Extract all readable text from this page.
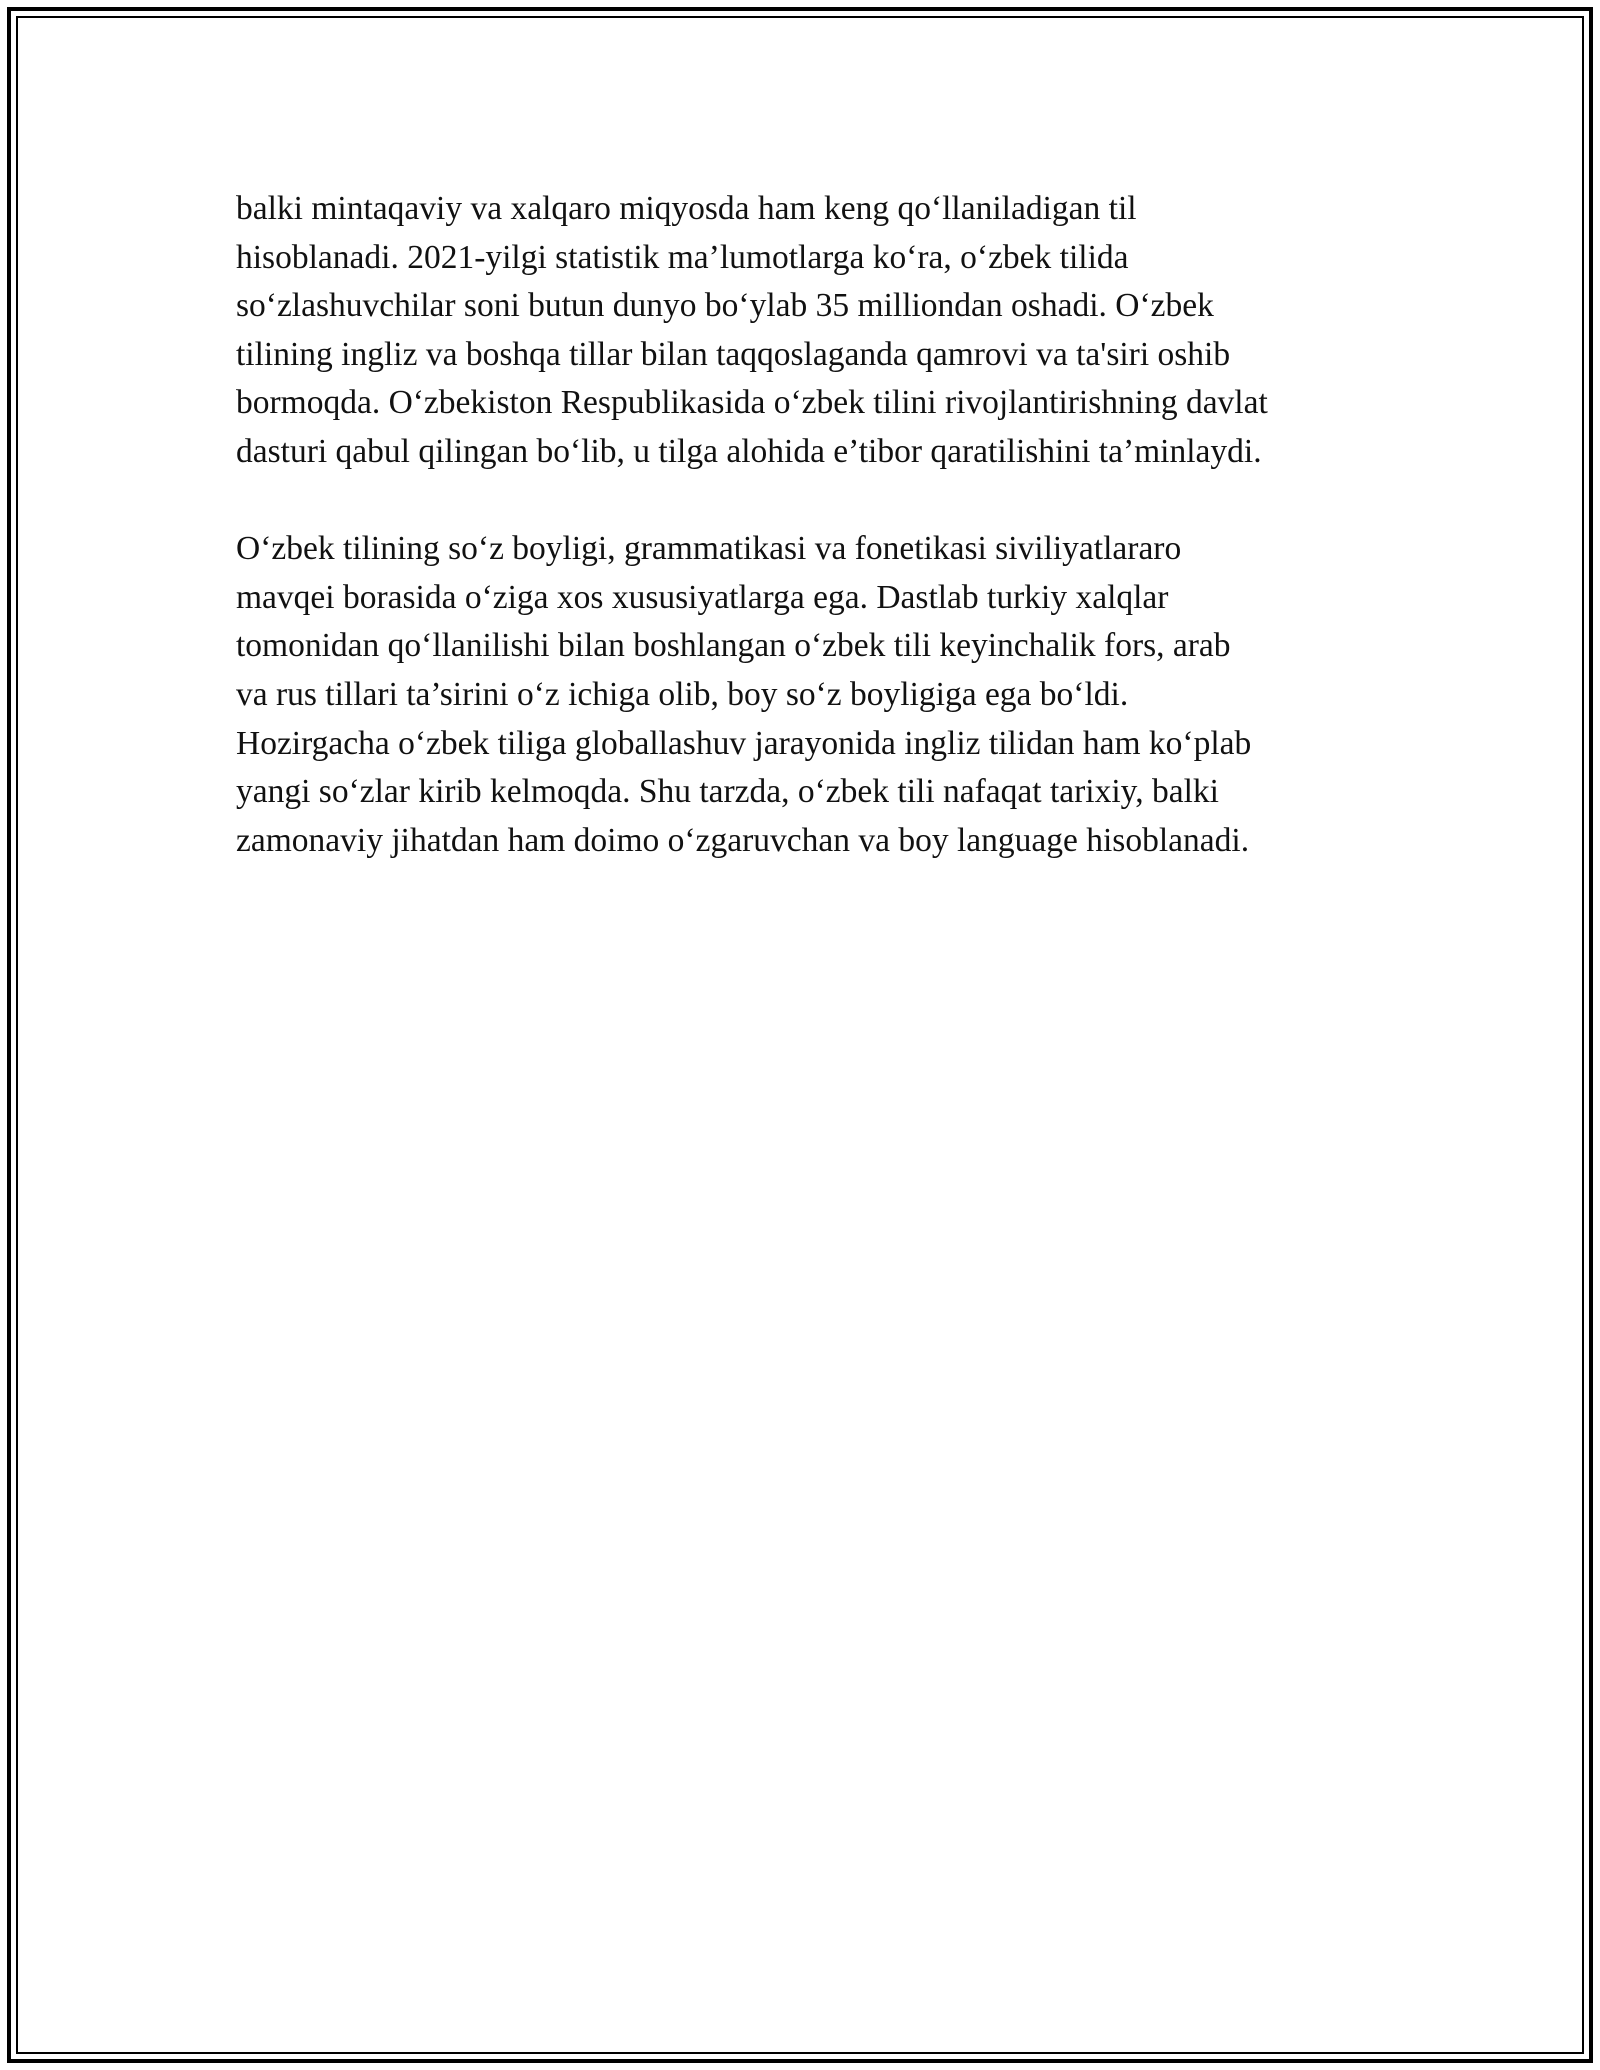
balki mintaqaviy va xalqaro miqyosda ham keng qo‘llaniladigan til
hisoblanadi. 2021-yilgi statistik ma’lumotlarga ko‘ra, o‘zbek tilida
so‘zlashuvchilar soni butun dunyo bo‘ylab 35 milliondan oshadi. O‘zbek
tilining ingliz va boshqa tillar bilan taqqoslaganda qamrovi va ta'siri oshib
bormoqda. O‘zbekiston Respublikasida o‘zbek tilini rivojlantirishning davlat
dasturi qabul qilingan bo‘lib, u tilga alohida e’tibor qaratilishini ta’minlaydi.
O‘zbek tilining so‘z boyligi, grammatikasi va fonetikasi siviliyatlararo
mavqei borasida o‘ziga xos xususiyatlarga ega. Dastlab turkiy xalqlar
tomonidan qo‘llanilishi bilan boshlangan o‘zbek tili keyinchalik fors, arab
va rus tillari ta’sirini o‘z ichiga olib, boy so‘z boyligiga ega bo‘ldi.
Hozirgacha o‘zbek tiliga globallashuv jarayonida ingliz tilidan ham ko‘plab
yangi so‘zlar kirib kelmoqda. Shu tarzda, o‘zbek tili nafaqat tarixiy, balki
zamonaviy jihatdan ham doimo o‘zgaruvchan va boy language hisoblanadi.
